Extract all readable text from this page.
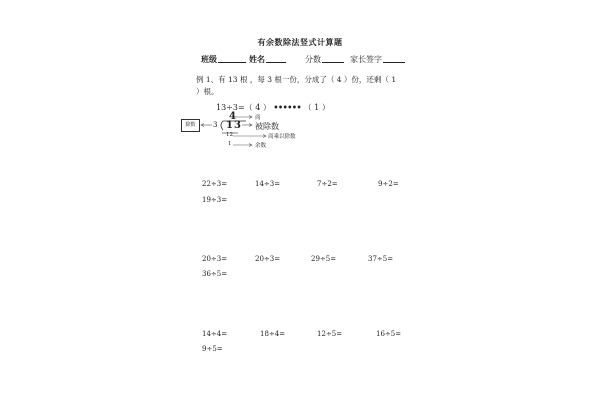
有余数除法竖式计算题
班级	姓名	分数	家长签字
例 1、有 13 根 ，每 3 根一份，分成了（ 4 ）份，还剩（ 1
）根。
13÷3=（ 4 ） •••••• （ 1 ）
4	商
除数	3 13 被除数
12	商乘以除数
1	余数
22÷3=	14÷3=	7÷2=	9÷2=
19÷3=
20÷3=	20÷3=	29÷5=	37÷5=
36÷5=
14÷4=	18÷4=	12÷5=	16÷5=
9÷5=
